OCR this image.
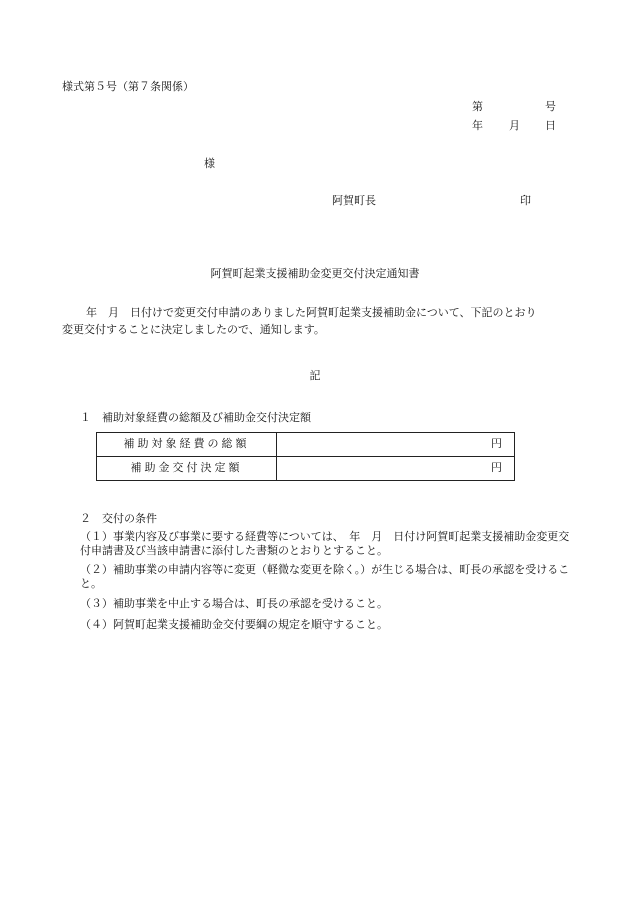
様式第５号（第７条関係）
第	号
年 月 日
様
阿賀町長	印
阿賀町起業支援補助金変更交付決定通知書
年　月　日付けで変更交付申請のありました阿賀町起業支援補助金について、下記のとおり
変更交付することに決定しましたので、通知します。
記
１　補助対象経費の総額及び補助金交付決定額
補助対象経費の総額	円
補助金交付決定額	円
２　交付の条件
（１）事業内容及び事業に要する経費等については、　年　月　日付け阿賀町起業支援補助金変更交付申請書及び当該申請書に添付した書類のとおりとすること。
（２）補助事業の申請内容等に変更（軽微な変更を除く。）が生じる場合は、町長の承認を受けること。
（３）補助事業を中止する場合は、町長の承認を受けること。
（４）阿賀町起業支援補助金交付要綱の規定を順守すること。
